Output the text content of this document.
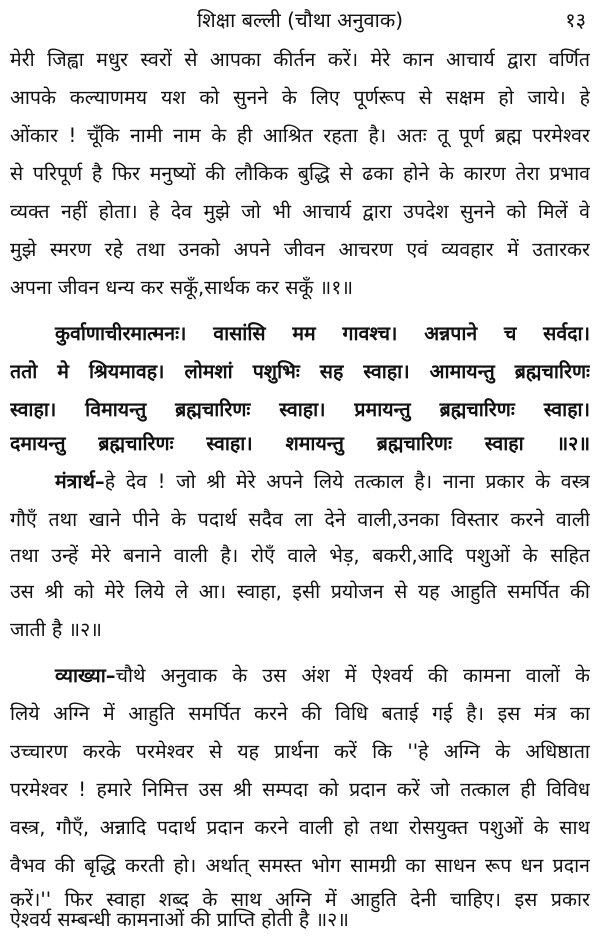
शिक्षा बल्ली (चौथा अनुवाक)	१३
मेरी जिह्वा मधुर स्वरों से आपका कीर्तन करें। मेरे कान आचार्य द्वारा वर्णित
आपके कल्याणमय यश को सुनने के लिए पूर्णरूप से सक्षम हो जाये। हे
ओंकार ! चूँकि नामी नाम के ही आश्रित रहता है। अतः तू पूर्ण ब्रह्म परमेश्वर
से परिपूर्ण है फिर मनुष्यों की लौकिक बुद्धि से ढका होने के कारण तेरा प्रभाव
व्यक्त नहीं होता। हे देव मुझे जो भी आचार्य द्वारा उपदेश सुनने को मिलें वे
मुझे स्मरण रहे तथा उनको अपने जीवन आचरण एवं व्यवहार में उतारकर
अपना जीवन धन्य कर सकूँ,सार्थक कर सकूँ ॥१॥
कुर्वाणाचीरमात्मनः। वासांसि मम गावश्च। अन्नपाने च सर्वदा।
ततो मे श्रियमावह। लोमशां पशुभिः सह स्वाहा। आमायन्तु ब्रह्मचारिणः
स्वाहा। विमायन्तु ब्रह्मचारिणः स्वाहा। प्रमायन्तु ब्रह्मचारिणः स्वाहा।
दमायन्तु ब्रह्मचारिणः स्वाहा। शमायन्तु ब्रह्मचारिणः स्वाहा ॥२॥
मंत्रार्थ–हे देव ! जो श्री मेरे अपने लिये तत्काल है। नाना प्रकार के वस्त्र
गौएँ तथा खाने पीने के पदार्थ सदैव ला देने वाली,उनका विस्तार करने वाली
तथा उन्हें मेरे बनाने वाली है। रोएँ वाले भेड़, बकरी,आदि पशुओं के सहित
उस श्री को मेरे लिये ले आ। स्वाहा, इसी प्रयोजन से यह आहुति समर्पित की
जाती है ॥२॥
व्याख्या–चौथे अनुवाक के उस अंश में ऐश्वर्य की कामना वालों के
लिये अग्नि में आहुति समर्पित करने की विधि बताई गई है। इस मंत्र का
उच्चारण करके परमेश्वर से यह प्रार्थना करें कि ''हे अग्नि के अधिष्ठाता
परमेश्वर ! हमारे निमित्त उस श्री सम्पदा को प्रदान करें जो तत्काल ही विविध
वस्त्र, गौएँ, अन्नादि पदार्थ प्रदान करने वाली हो तथा रोसयुक्त पशुओं के साथ
वैभव की बृद्धि करती हो। अर्थात् समस्त भोग सामग्री का साधन रूप धन प्रदान
करें।'' फिर स्वाहा शब्द के साथ अग्नि में आहुति देनी चाहिए। इस प्रकार
ऐश्वर्य सम्बन्धी कामनाओं की प्राप्ति होती है ॥२॥
